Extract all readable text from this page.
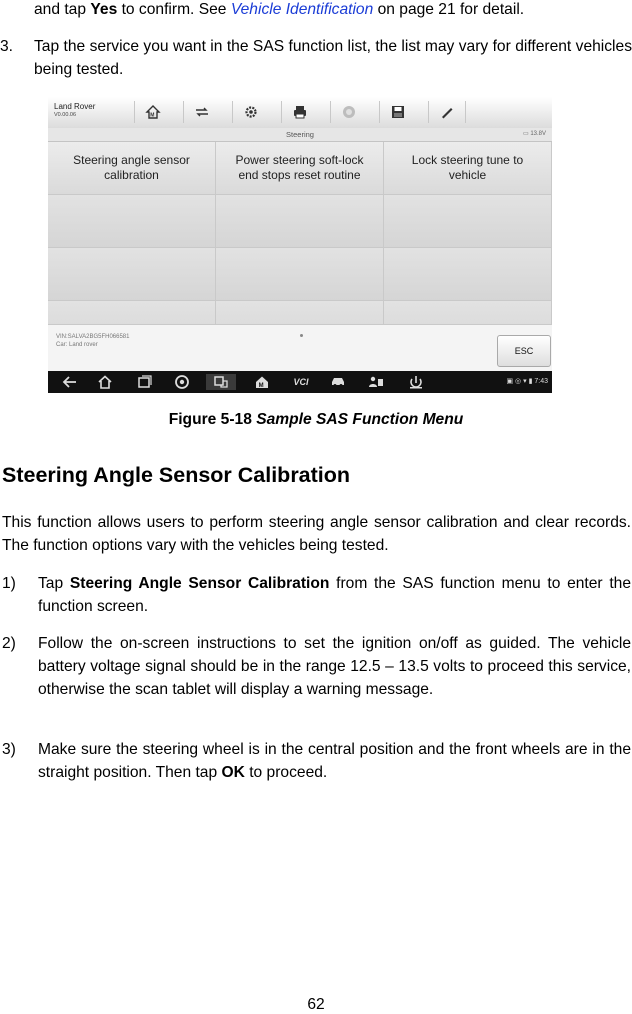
and tap Yes to confirm. See Vehicle Identification on page 21 for detail.
3. Tap the service you want in the SAS function list, the list may vary for different vehicles being tested.
Land Rover
V0.00.06	M
Steering	▭ 13.8V
Steering angle sensor calibration
Power steering soft-lock end stops reset routine
Lock steering tune to vehicle
VIN:SALVA2BG5FH066581
Car: Land rover
ESC
M	VCI	▣ ◎ ▾ ▮ 7:43
Figure 5-18 Sample SAS Function Menu
Steering Angle Sensor Calibration
This function allows users to perform steering angle sensor calibration and clear records. The function options vary with the vehicles being tested.
1) Tap Steering Angle Sensor Calibration from the SAS function menu to enter the function screen.
2) Follow the on-screen instructions to set the ignition on/off as guided. The vehicle battery voltage signal should be in the range 12.5 – 13.5 volts to proceed this service, otherwise the scan tablet will display a warning message.
3) Make sure the steering wheel is in the central position and the front wheels are in the straight position. Then tap OK to proceed.
62
